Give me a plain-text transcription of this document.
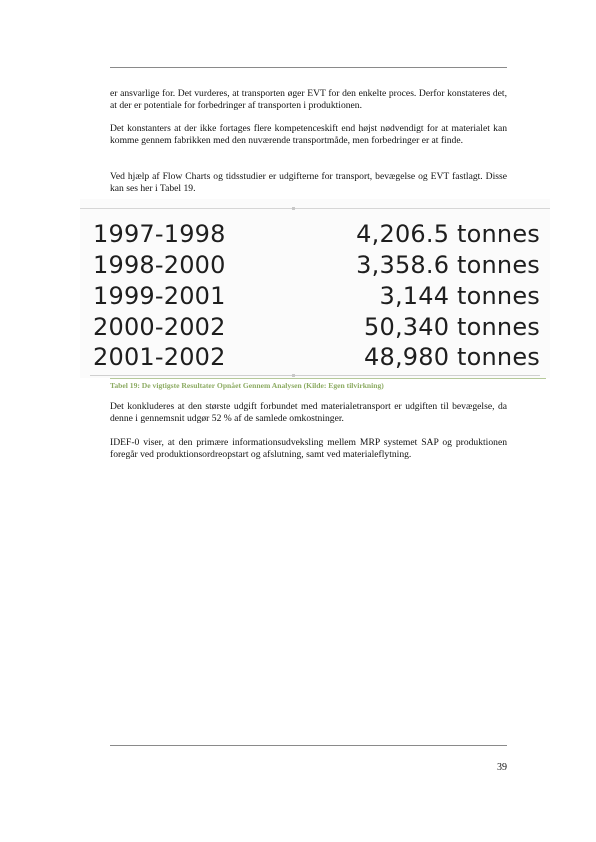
er ansvarlige for. Det vurderes, at transporten øger EVT for den enkelte proces. Derfor konstateres det, at der er potentiale for forbedringer af transporten i produktionen.

Det konstanters at der ikke fortages flere kompetenceskift end højst nødvendigt for at materialet kan komme gennem fabrikken med den nuværende transportmåde, men forbedringer er at finde.

Ved hjælp af Flow Charts og tidsstudier er udgifterne for transport, bevægelse og EVT fastlagt. Disse kan ses her i Tabel 19.

Det konkluderes at den største udgift forbundet med materialetransport er udgiften til bevægelse, da denne i gennemsnit udgør 52 % af de samlede omkostninger.

IDEF-0 viser, at den primære informationsudveksling mellem MRP systemet SAP og produktionen foregår ved produktionsordreopstart og afslutning, samt ved materialeflytning.

1997-1998	4,206.5 tonnes
1998-2000	3,358.6 tonnes
1999-2001	3,144 tonnes
2000-2002	50,340 tonnes
2001-2002	48,980 tonnes
Tabel 19: De vigtigste Resultater Opnået Gennem Analysen (Kilde: Egen tilvirkning)
39
